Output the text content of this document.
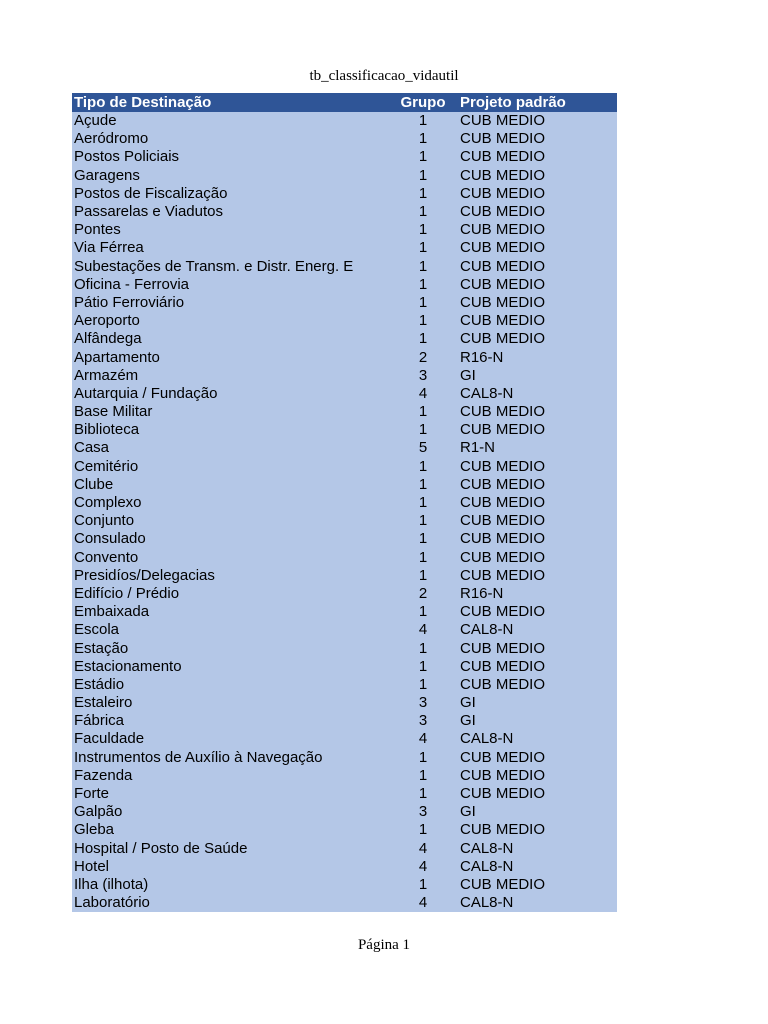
tb_classificacao_vidautil
Tipo de Destinação	Grupo	Projeto padrão
Açude	1	CUB MEDIO
Aeródromo	1	CUB MEDIO
Postos Policiais	1	CUB MEDIO
Garagens	1	CUB MEDIO
Postos de Fiscalização	1	CUB MEDIO
Passarelas e Viadutos	1	CUB MEDIO
Pontes	1	CUB MEDIO
Via Férrea	1	CUB MEDIO
Subestações de Transm. e Distr. Energ. E	1	CUB MEDIO
Oficina - Ferrovia	1	CUB MEDIO
Pátio Ferroviário	1	CUB MEDIO
Aeroporto	1	CUB MEDIO
Alfândega	1	CUB MEDIO
Apartamento	2	R16-N
Armazém	3	GI
Autarquia / Fundação	4	CAL8-N
Base Militar	1	CUB MEDIO
Biblioteca	1	CUB MEDIO
Casa	5	R1-N
Cemitério	1	CUB MEDIO
Clube	1	CUB MEDIO
Complexo	1	CUB MEDIO
Conjunto	1	CUB MEDIO
Consulado	1	CUB MEDIO
Convento	1	CUB MEDIO
Presidíos/Delegacias	1	CUB MEDIO
Edifício / Prédio	2	R16-N
Embaixada	1	CUB MEDIO
Escola	4	CAL8-N
Estação	1	CUB MEDIO
Estacionamento	1	CUB MEDIO
Estádio	1	CUB MEDIO
Estaleiro	3	GI
Fábrica	3	GI
Faculdade	4	CAL8-N
Instrumentos de Auxílio à Navegação	1	CUB MEDIO
Fazenda	1	CUB MEDIO
Forte	1	CUB MEDIO
Galpão	3	GI
Gleba	1	CUB MEDIO
Hospital / Posto de Saúde	4	CAL8-N
Hotel	4	CAL8-N
Ilha (ilhota)	1	CUB MEDIO
Laboratório	4	CAL8-N
Página 1
